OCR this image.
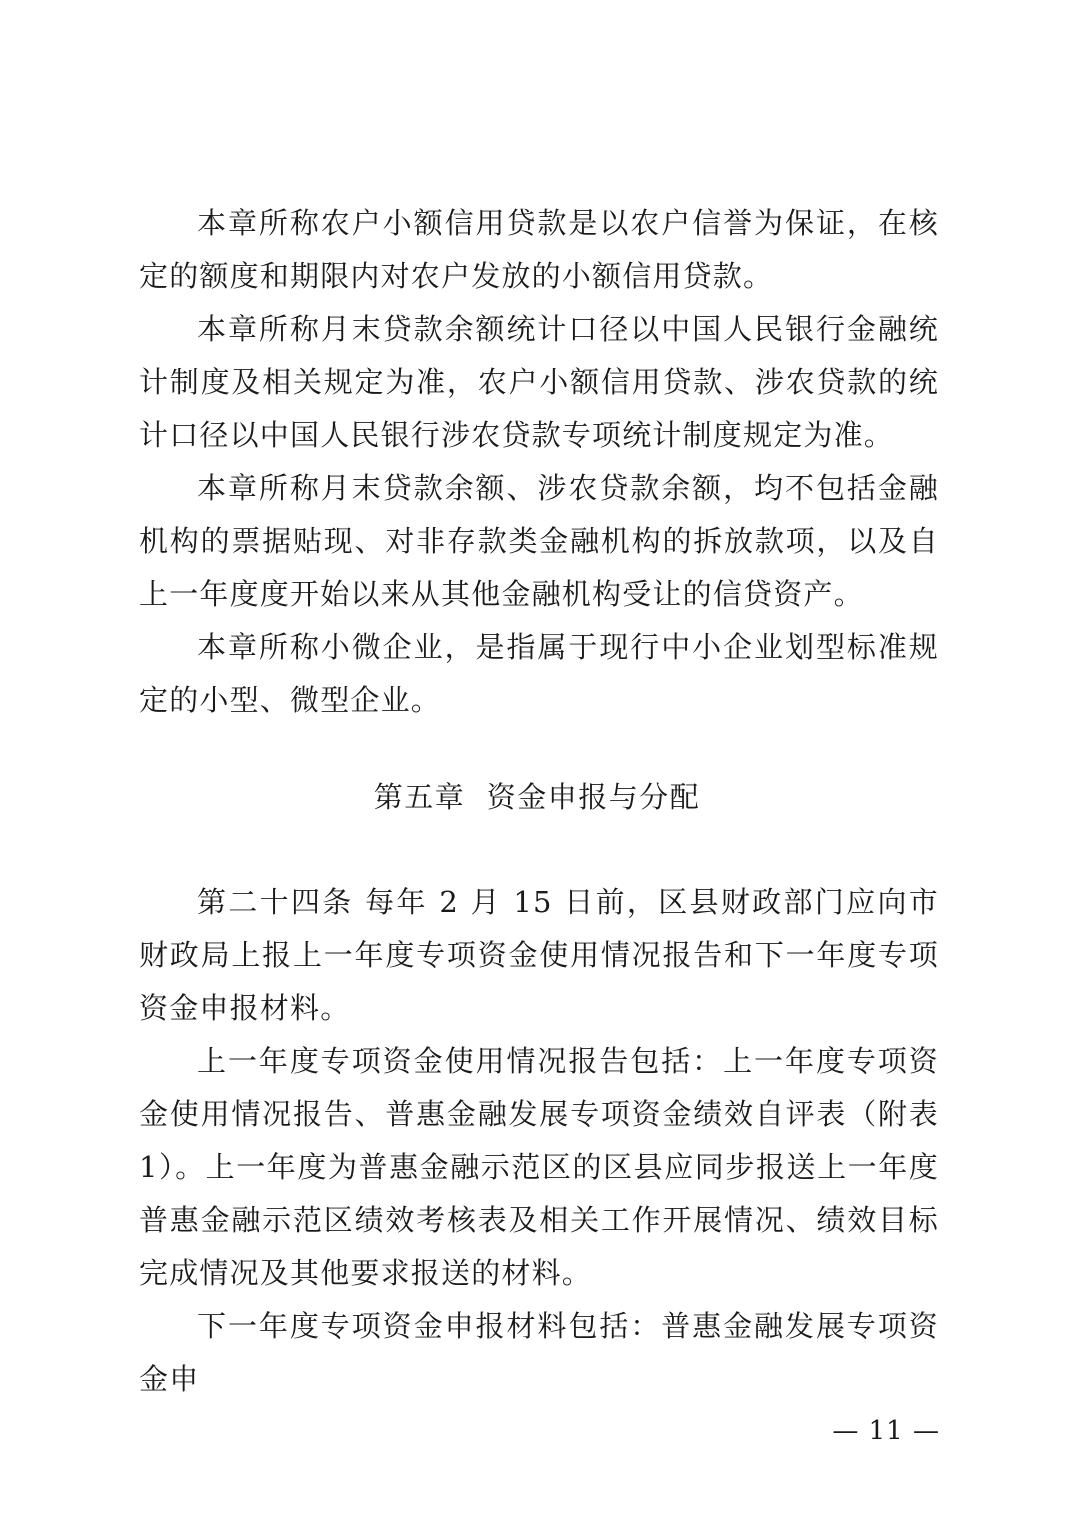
本章所称农户小额信用贷款是以农户信誉为保证，在核定的额度和期限内对农户发放的小额信用贷款。

本章所称月末贷款余额统计口径以中国人民银行金融统计制度及相关规定为准，农户小额信用贷款、涉农贷款的统计口径以中国人民银行涉农贷款专项统计制度规定为准。

本章所称月末贷款余额、涉农贷款余额，均不包括金融机构的票据贴现、对非存款类金融机构的拆放款项，以及自上一年度度开始以来从其他金融机构受让的信贷资产。

本章所称小微企业，是指属于现行中小企业划型标准规定的小型、微型企业。

第五章  资金申报与分配

第二十四条 每年 2 月 15 日前，区县财政部门应向市财政局上报上一年度专项资金使用情况报告和下一年度专项资金申报材料。

上一年度专项资金使用情况报告包括：上一年度专项资金使用情况报告、普惠金融发展专项资金绩效自评表（附表 1）。上一年度为普惠金融示范区的区县应同步报送上一年度普惠金融示范区绩效考核表及相关工作开展情况、绩效目标完成情况及其他要求报送的材料。

下一年度专项资金申报材料包括：普惠金融发展专项资金申

— 11 —
